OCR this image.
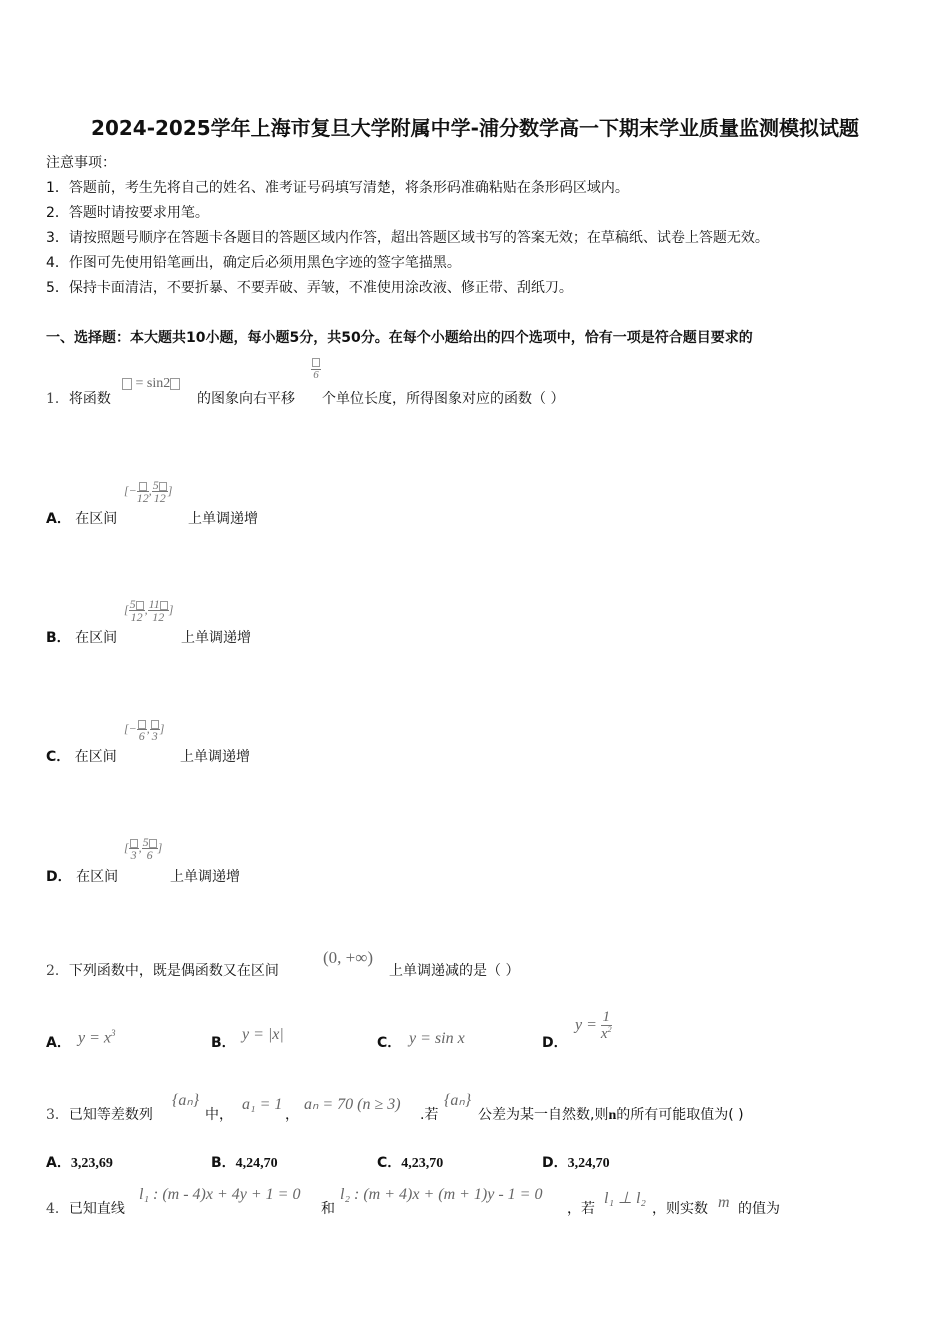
2024-2025学年上海市复旦大学附属中学-浦分数学高一下期末学业质量监测模拟试题
注意事项：
1．答题前，考生先将自己的姓名、准考证号码填写清楚，将条形码准确粘贴在条形码区域内。
2．答题时请按要求用笔。
3．请按照题号顺序在答题卡各题目的答题区域内作答，超出答题区域书写的答案无效；在草稿纸、试卷上答题无效。
4．作图可先使用铅笔画出，确定后必须用黑色字迹的签字笔描黑。
5．保持卡面清洁，不要折暴、不要弄破、弄皱，不准使用涂改液、修正带、刮纸刀。
一、选择题：本大题共10小题，每小题5分，共50分。在每个小题给出的四个选项中，恰有一项是符合题目要求的
1．将函数
= sin2
的图象向右平移
6
个单位长度，所得图象对应的函数（ ）
[−
12
, $\frac{5}{12}$ ]
A． 在区间	上单调递增
[ $\frac{5}{12}$ , $\frac{11}{12}$ ]
B． 在区间	上单调递增
[−
6
,
3
]
C． 在区间	上单调递增
[
3
, $\frac{5}{6}$ ]
D． 在区间	上单调递增
2．下列函数中，既是偶函数又在区间
(0, +∞)
上单调递减的是（ ）
A． $y = x^3$
B． y = |x|	C． y = sin x	D．
$y = \frac{1}{x^2}$
3．已知等差数列
{aₙ}
中，
a₁ = 1
，
aₙ = 70 (n ≥ 3)
.若
{aₙ}
公差为某一自然数,则n的所有可能取值为( )
A．3,23,69	B．4,24,70	C．4,23,70	D．3,24,70
4．已知直线
l₁ : (m - 4)x + 4y + 1 = 0
和
l₂ : (m + 4)x + (m + 1)y - 1 = 0
，若
l₁ ⊥ l₂
，则实数 m 的值为
